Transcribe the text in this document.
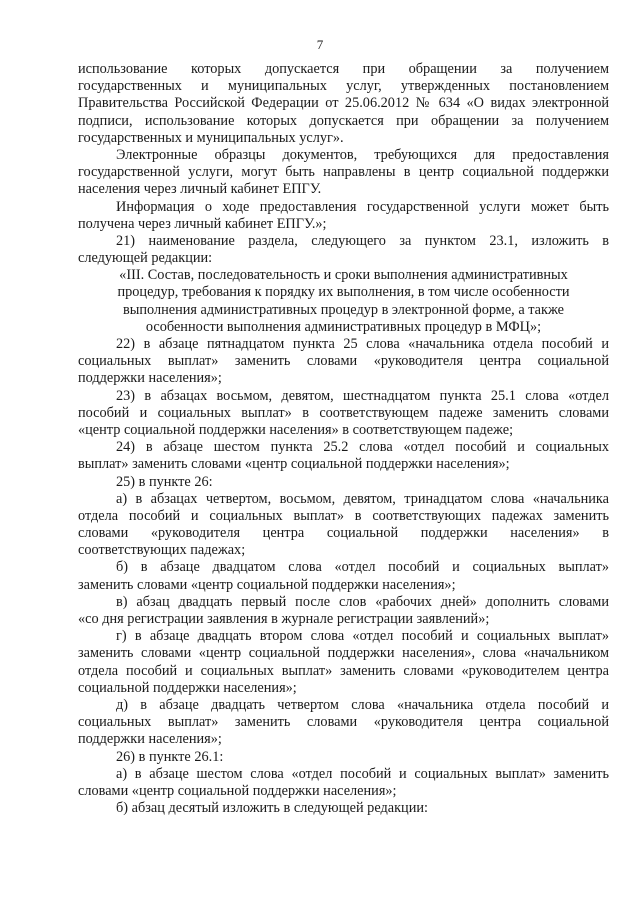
7
использование которых допускается при обращении за получением
государственных и муниципальных услуг, утвержденных постановлением
Правительства Российской Федерации от 25.06.2012 № 634 «О видах электронной
подписи, использование которых допускается при обращении за получением
государственных и муниципальных услуг».
Электронные образцы документов, требующихся для предоставления
государственной услуги, могут быть направлены в центр социальной поддержки
населения через личный кабинет ЕПГУ.
Информация о ходе предоставления государственной услуги может быть
получена через личный кабинет ЕПГУ.»;
21) наименование раздела, следующего за пунктом 23.1, изложить в
следующей редакции:
«III. Состав, последовательность и сроки выполнения административных
процедур, требования к порядку их выполнения, в том числе особенности
выполнения административных процедур в электронной форме, а также
особенности выполнения административных процедур в МФЦ»;
22) в абзаце пятнадцатом пункта 25 слова «начальника отдела пособий и
социальных выплат» заменить словами «руководителя центра социальной
поддержки населения»;
23) в абзацах восьмом, девятом, шестнадцатом пункта 25.1 слова «отдел
пособий и социальных выплат» в соответствующем падеже заменить словами
«центр социальной поддержки населения» в соответствующем падеже;
24) в абзаце шестом пункта 25.2 слова «отдел пособий и социальных
выплат» заменить словами «центр социальной поддержки населения»;
25) в пункте 26:
а) в абзацах четвертом, восьмом, девятом, тринадцатом слова «начальника
отдела пособий и социальных выплат» в соответствующих падежах заменить
словами «руководителя центра социальной поддержки населения» в
соответствующих падежах;
б) в абзаце двадцатом слова «отдел пособий и социальных выплат»
заменить словами «центр социальной поддержки населения»;
в) абзац двадцать первый после слов «рабочих дней» дополнить словами
«со дня регистрации заявления в журнале регистрации заявлений»;
г) в абзаце двадцать втором слова «отдел пособий и социальных выплат»
заменить словами «центр социальной поддержки населения», слова «начальником
отдела пособий и социальных выплат» заменить словами «руководителем центра
социальной поддержки населения»;
д) в абзаце двадцать четвертом слова «начальника отдела пособий и
социальных выплат» заменить словами «руководителя центра социальной
поддержки населения»;
26) в пункте 26.1:
а) в абзаце шестом слова «отдел пособий и социальных выплат» заменить
словами «центр социальной поддержки населения»;
б) абзац десятый изложить в следующей редакции:
